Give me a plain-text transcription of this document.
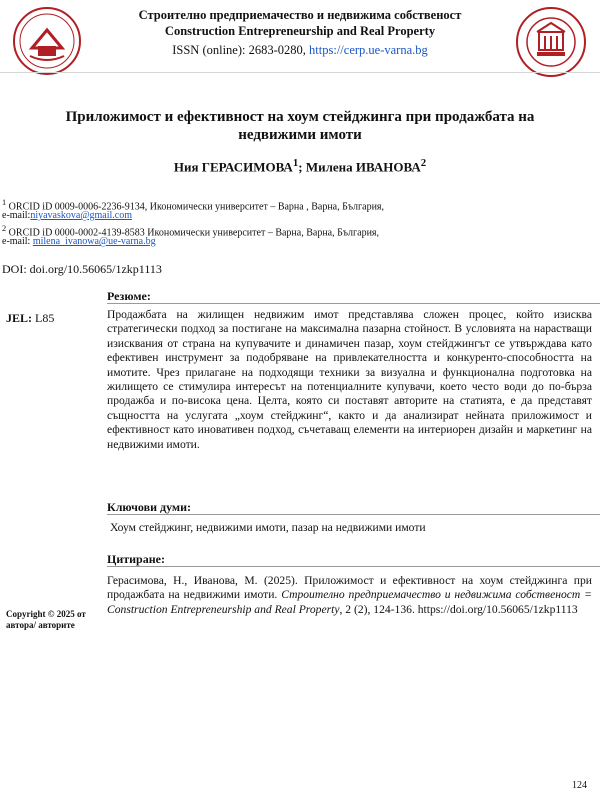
Строително предприемачество и недвижима собственост
Construction Entrepreneurship and Real Property
ISSN (online): 2683-0280, https://cerp.ue-varna.bg
Приложимост и ефективност на хоум стейджинга при продажбата на недвижими имоти
Ния ГЕРАСИМОВА$^1$; Милена ИВАНОВА$^2$
$^1$ ORCID iD 0009-0006-2236-9134, Икономически университет – Варна , Варна, България,
e-mail:niyavaskova@gmail.com
$^2$ ORCID iD 0000-0002-4139-8583 Икономически университет – Варна, Варна, България,
e-mail: milena_ivanowa@ue-varna.bg
DOI: doi.org/10.56065/1zkp1113
Резюме:
JEL: L85	Продажбата на жилищен недвижим имот представлява сложен процес, който изисква стратегически подход за постигане на максимална пазарна стойност. В условията на нарастващи изисквания от страна на купувачите и динамичен пазар, хоум стейджингът се утвърждава като ефективен инструмент за подобряване на привлекателността и конкуренто-способността на имотите. Чрез прилагане на подходящи техники за визуална и функционална подготовка на жилището се стимулира интересът на потенциалните купувачи, което често води до по-бърза продажба и по-висока цена. Целта, която си поставят авторите на статията, е да представят същността на услугата „хоум стейджинг“, както и да анализират нейната приложимост и ефективност като иновативен подход, съчетаващ елементи на интериорен дизайн и маркетинг на недвижими имоти.
Ключови думи:
Хоум стейджинг, недвижими имоти, пазар на недвижими имоти
Цитиране:
Герасимова, Н., Иванова, М. (2025). Приложимост и ефективност на хоум стейджинга при продажбата на недвижими имоти. Строително предприемачество и недвижима собственост = Construction Entrepreneurship and Real Property, 2 (2), 124-136. https://doi.org/10.56065/1zkp1113
Copyright © 2025 от автора/ авторите
124
